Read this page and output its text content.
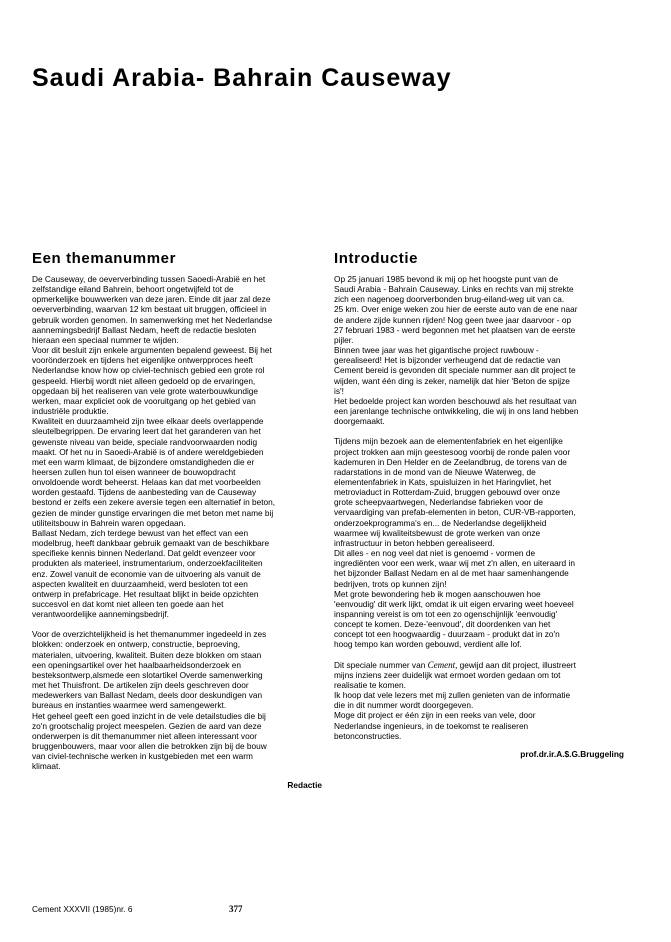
Saudi Arabia- Bahrain Causeway
Een themanummer

De Causeway, de oeververbinding tussen Saoedi-Arabië en het
zelfstandige eiland Bahrein, behoort ongetwijfeld tot de
opmerkelijke bouwwerken van deze jaren. Einde dit jaar zal deze
oeververbinding, waarvan 12 km bestaat uit bruggen, officieel in
gebruik worden genomen. In samenwerking met het Nederlandse
aannemingsbedrijf Ballast Nedam, heeft de redactie besloten
hieraan een speciaal nummer te wijden.

Voor dit besluit zijn enkele argumenten bepalend geweest. Bij het
voorönderzoek en tijdens het eigenlijke ontwerpproces heeft
Nederlandse know how op civiel-technisch gebied een grote rol
gespeeld. Hierbij wordt niet alleen gedoeld op de ervaringen,
opgedaan bij het realiseren van vele grote waterbouwkundige
werken, maar expliciet ook de vooruitgang op het gebied van
industriële produktie.

Kwaliteit en duurzaamheid zijn twee elkaar deels overlappende
sleutelbegrippen. De ervaring leert dat het garanderen van het
gewenste niveau van beide, speciale randvoorwaarden nodig
maakt. Of het nu in Saoedi-Arabië is of andere wereldgebieden
met een warm klimaat, de bijzondere omstandigheden die er
heersen zullen hun tol eisen wanneer de bouwopdracht
onvoldoende wordt beheerst. Helaas kan dat met voorbeelden
worden gestaafd. Tijdens de aanbesteding van de Causeway
bestond er zelfs een zekere aversie tegen een alternatief in beton,
gezien de minder gunstige ervaringen die met beton met name bij
utiliteitsbouw in Bahrein waren opgedaan.

Ballast Nedam, zich terdege bewust van het effect van een
modelbrug, heeft dankbaar gebruik gemaakt van de beschikbare
specifieke kennis binnen Nederland. Dat geldt evenzeer voor
produkten als materieel, instrumentarium, onderzoekfaciliteiten
enz. Zowel vanuit de economie van de uitvoering als vanuit de
aspecten kwaliteit en duurzaamheid, werd besloten tot een
ontwerp in prefabricage. Het resultaat blijkt in beide opzichten
succesvol en dat komt niet alleen ten goede aan het
verantwoordelijke aannemingsbedrijf.

Voor de overzichtelijkheid is het themanummer ingedeeld in zes
blokken: onderzoek en ontwerp, constructie, beproeving,
materialen, uitvoering, kwaliteit. Buiten deze blokken om staan
een openingsartikel over het haalbaarheidsonderzoek en
besteksontwerp,alsmede een slotartikel Overde samenwerking
met het Thuisfront. De artikelen zijn deels geschreven door
medewerkers van Ballast Nedam, deels door deskundigen van
bureaus en instanties waarmee werd samengewerkt.

Het geheel geeft een goed inzicht in de vele detailstudies die bij
zo'n grootschalig project meespelen. Gezien de aard van deze
onderwerpen is dit themanummer niet alleen interessant voor
bruggenbouwers, maar voor allen die betrokken zijn bij de bouw
van civiel-technische werken in kustgebieden met een warm
klimaat.

Redactie
Introductie

Op 25 januari 1985 bevond ik mij op het hoogste punt van de
Saudi Arabia - Bahrain Causeway. Links en rechts van mij strekte
zich een nagenoeg doorverbonden brug-eiland-weg uit van ca.
25 km. Over enige weken zou hier de eerste auto van de ene naar
de andere zijde kunnen rijden! Nog geen twee jaar daarvoor - op
27 februari 1983 - werd begonnen met het plaatsen van de eerste
pijler.

Binnen twee jaar was het gigantische project ruwbouw -
gerealiseerd! Het is bijzonder verheugend dat de redactie van
Cement bereid is gevonden dit speciale nummer aan dit project te
wijden, want één ding is zeker, namelijk dat hier 'Beton de spijze
is'!

Het bedoelde project kan worden beschouwd als het resultaat van
een jarenlange technische ontwikkeling, die wij in ons land hebben
doorgemaakt.

Tijdens mijn bezoek aan de elementenfabriek en het eigenlijke
project trokken aan mijn geestesoog voorbij de ronde palen voor
kademuren in Den Helder en de Zeelandbrug, de torens van de
radarstations in de mond van de Nieuwe Waterweg, de
elementenfabriek in Kats, spuisluizen in het Haringvliet, het
metroviaduct in Rotterdam-Zuid, bruggen gebouwd over onze
grote scheepvaartwegen, Nederlandse fabrieken voor de
vervaardiging van prefab-elementen in beton, CUR-VB-rapporten,
onderzoekprogramma's en... de Nederlandse degelijkheid
waarmee wij kwaliteitsbewust de grote werken van onze
infrastructuur in beton hebben gerealiseerd.

Dit alles - en nog veel dat niet is genoemd - vormen de
ingrediënten voor een werk, waar wij met z'n allen, en uiteraard in
het bijzonder Ballast Nedam en al de met haar samenhangende
bedrijven, trots op kunnen zijn!

Met grote bewondering heb ik mogen aanschouwen hoe
'eenvoudig' dit werk lijkt, omdat ik uit eigen ervaring weet hoeveel
inspanning vereist is om tot een zo ogenschijnlijk 'eenvoudig'
concept te komen. Deze-'eenvoud', dit doordenken van het
concept tot een hoogwaardig - duurzaam - produkt dat in zo'n
hoog tempo kan worden gebouwd, verdient alle lof.

Dit speciale nummer van Cement, gewijd aan dit project, illustreert
mijns inziens zeer duidelijk wat ermoet worden gedaan om tot
realisatie te komen.

Ik hoop dat vele lezers met mij zullen genieten van de informatie
die in dit nummer wordt doorgegeven.

Moge dit project er één zijn in een reeks van vele, door
Nederlandse ingenieurs, in de toekomst te realiseren
betonconstructies.

prof.dr.ir.A.$.G.Bruggeling
Cement XXXVII (1985)nr. 6	377
